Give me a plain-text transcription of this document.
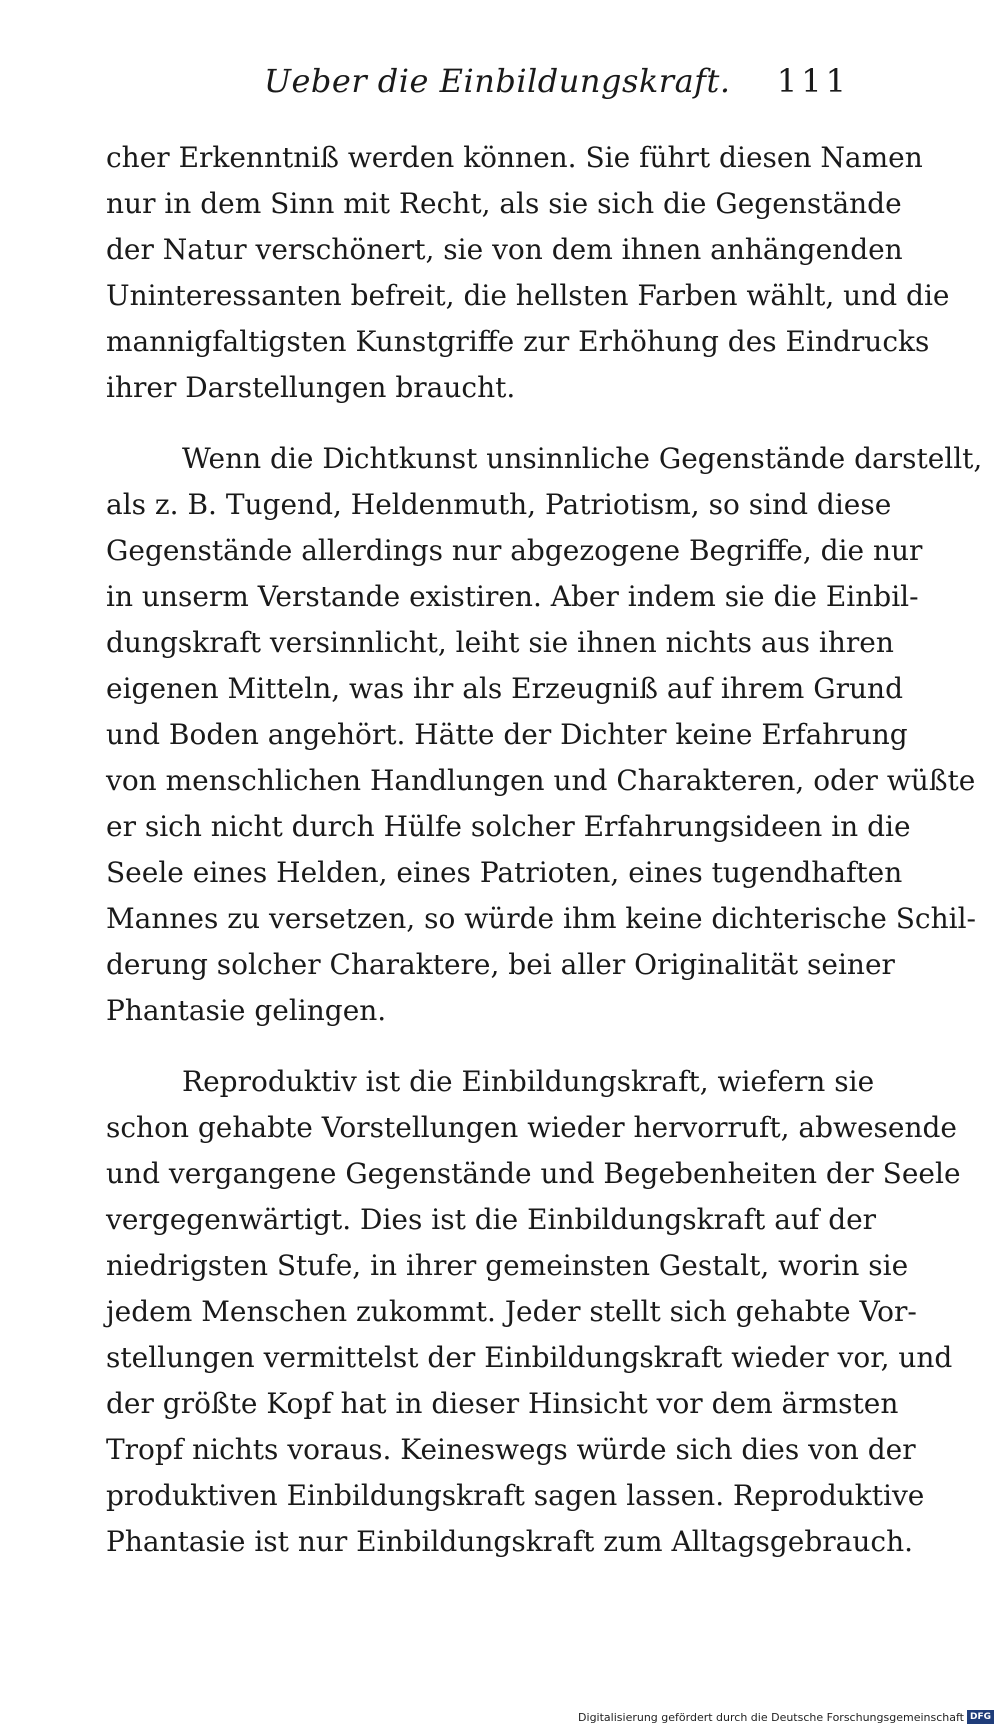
Ueber die Einbildungskraft. 111
cher Erkenntniß werden können. Sie führt diesen Namen
nur in dem Sinn mit Recht, als sie sich die Gegenstände
der Natur verschönert, sie von dem ihnen anhängenden
Uninteressanten befreit, die hellsten Farben wählt, und die
mannigfaltigsten Kunstgriffe zur Erhöhung des Eindrucks
ihrer Darstellungen braucht.
Wenn die Dichtkunst unsinnliche Gegenstände darstellt,
als z. B. Tugend, Heldenmuth, Patriotism, so sind diese
Gegenstände allerdings nur abgezogene Begriffe, die nur
in unserm Verstande existiren. Aber indem sie die Einbil-
dungskraft versinnlicht, leiht sie ihnen nichts aus ihren
eigenen Mitteln, was ihr als Erzeugniß auf ihrem Grund
und Boden angehört. Hätte der Dichter keine Erfahrung
von menschlichen Handlungen und Charakteren, oder wüßte
er sich nicht durch Hülfe solcher Erfahrungsideen in die
Seele eines Helden, eines Patrioten, eines tugendhaften
Mannes zu versetzen, so würde ihm keine dichterische Schil-
derung solcher Charaktere, bei aller Originalität seiner
Phantasie gelingen.
Reproduktiv ist die Einbildungskraft, wiefern sie
schon gehabte Vorstellungen wieder hervorruft, abwesende
und vergangene Gegenstände und Begebenheiten der Seele
vergegenwärtigt. Dies ist die Einbildungskraft auf der
niedrigsten Stufe, in ihrer gemeinsten Gestalt, worin sie
jedem Menschen zukommt. Jeder stellt sich gehabte Vor-
stellungen vermittelst der Einbildungskraft wieder vor, und
der größte Kopf hat in dieser Hinsicht vor dem ärmsten
Tropf nichts voraus. Keineswegs würde sich dies von der
produktiven Einbildungskraft sagen lassen. Reproduktive
Phantasie ist nur Einbildungskraft zum Alltagsgebrauch.
Digitalisierung gefördert durch die Deutsche Forschungsgemeinschaft DFG
